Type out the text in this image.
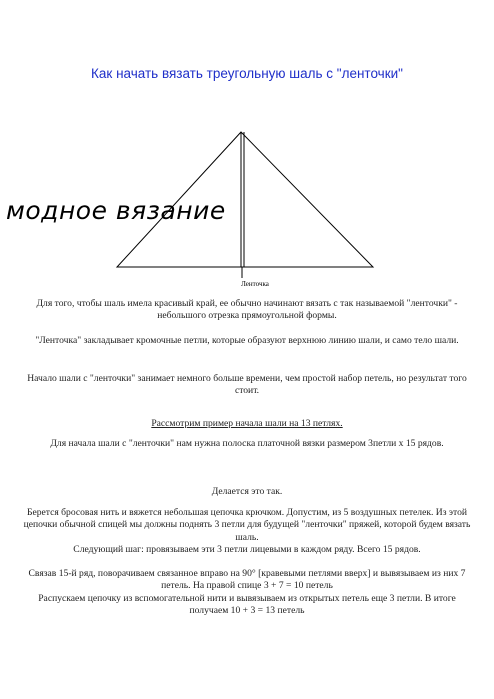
Как начать вязать треугольную шаль с "ленточки"
Ленточка
модное вязание

Для того, чтобы шаль имела красивый край, ее обычно начинают вязать с так называемой "ленточки" - небольшого отрезка прямоугольной формы.

"Ленточка" закладывает кромочные петли, которые образуют верхнюю линию шали, и само тело шали.

Начало шали с "ленточки" занимает немного больше времени, чем простой набор петель, но результат того стоит.

Рассмотрим пример начала шали на 13 петлях.

Для начала шали с "ленточки" нам нужна полоска платочной вязки размером 3петли х 15 рядов.

Делается это так.

Берется бросовая нить и вяжется небольшая цепочка крючком. Допустим, из 5 воздушных петелек. Из этой цепочки обычной спицей мы должны поднять 3 петли для будущей "ленточки" пряжей, которой будем вязать шаль.

Следующий шаг: провязываем эти 3 петли лицевыми в каждом ряду. Всего 15 рядов.

Связав 15-й ряд, поворачиваем связанное вправо на 90° [кравевыми петлями вверх] и вывязываем из них 7 петель. На правой спице 3 + 7 = 10 петель

Распускаем цепочку из вспомогательной нити и вывязываем из открытых петель еще 3 петли. В итоге получаем 10 + 3 = 13 петель
